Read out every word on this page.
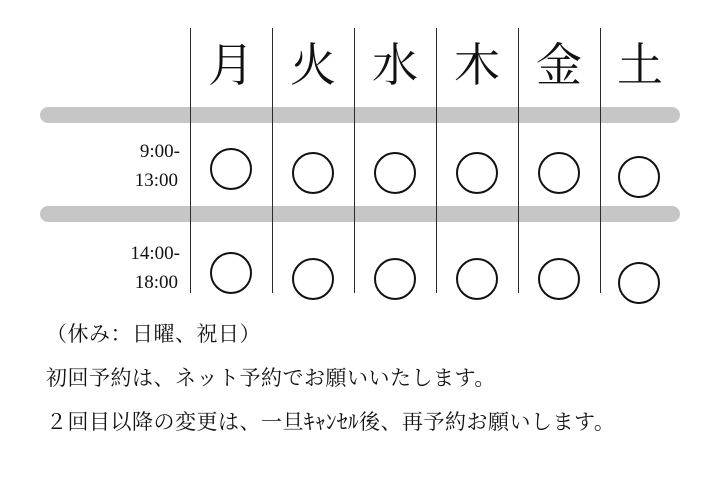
月 火 水 木 金 土
9:00-
13:00
14:00-
18:00
（休み：日曜、祝日）
初回予約は、ネット予約でお願いいたします。
２回目以降の変更は、一旦ｷｬﾝｾﾙ後、再予約お願いします。
